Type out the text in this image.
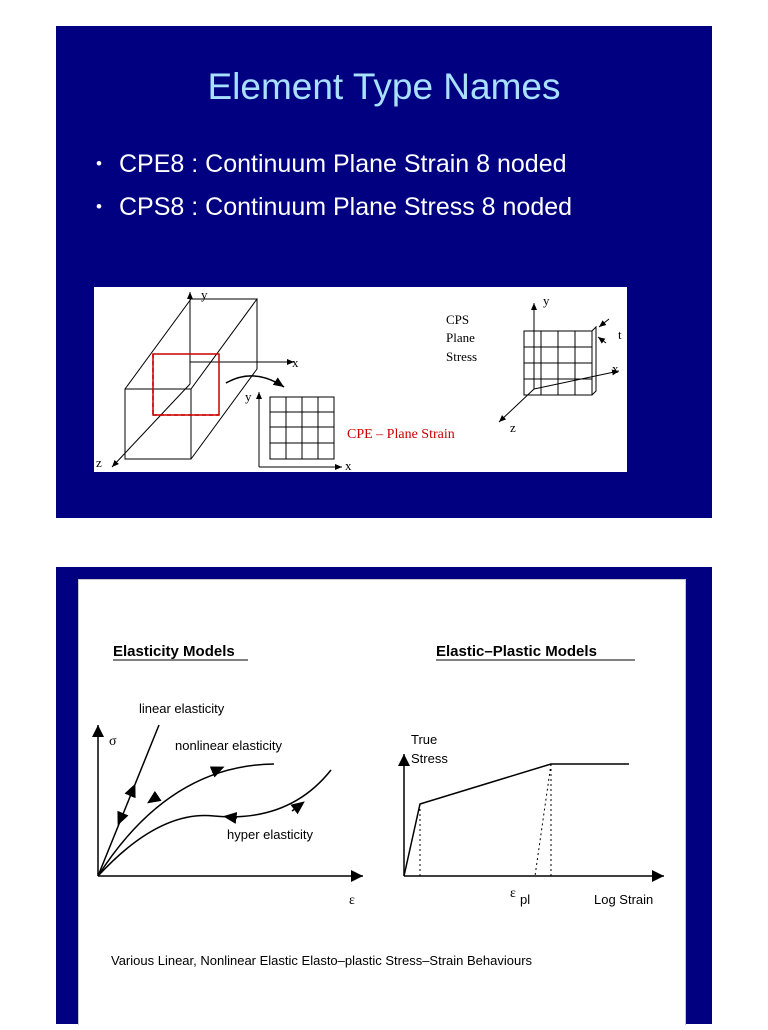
Element Type Names
• CPE8 : Continuum Plane Strain 8 noded
• CPS8 : Continuum Plane Stress 8 noded
y
x
z
y
x
CPE – Plane Strain
CPS
Plane
Stress
y
x
z
t
Elasticity Models	Elastic–Plastic Models
σ
ε
linear elasticity
nonlinear elasticity
hyper elasticity
True
Stress
ε pl	Log Strain
Various Linear, Nonlinear Elastic Elasto–plastic Stress–Strain Behaviours
